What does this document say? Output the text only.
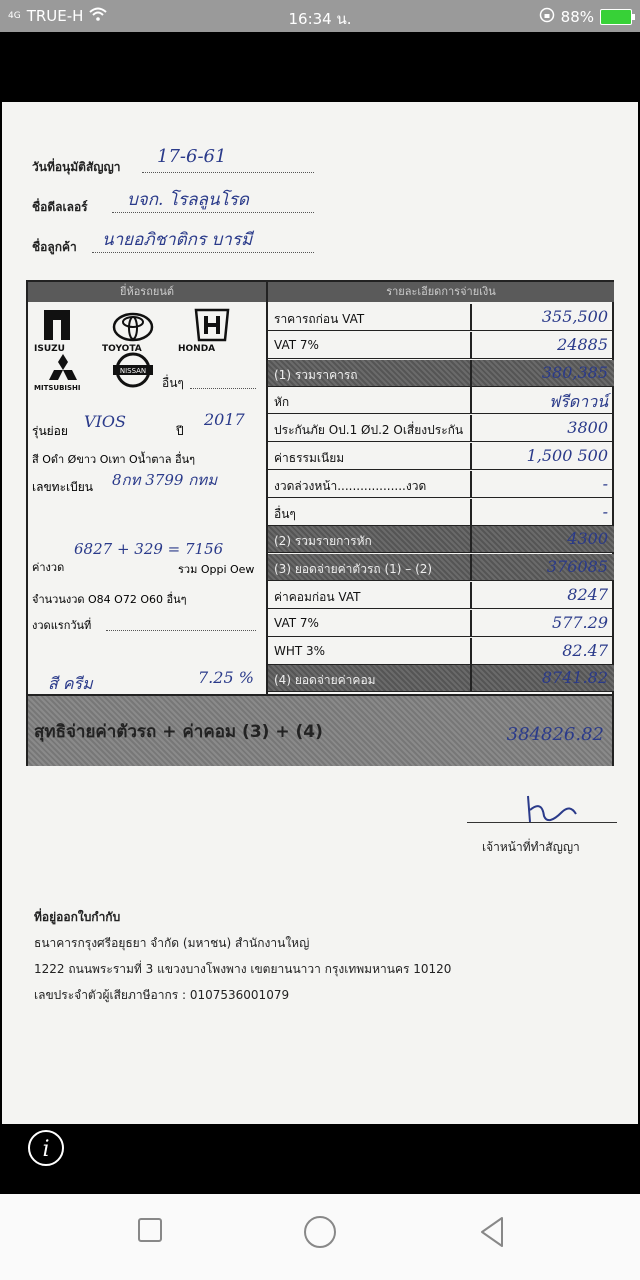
4G TRUE-H	16:34 น.	88%
วันที่อนุมัติสัญญา 17-6-61
ชื่อดีลเลอร์ บจก. โรลลูนโรด
ชื่อลูกค้า นายอภิชาติกร บารมี
ยี่ห้อรถยนต์	รายละเอียดการจ่ายเงิน
ISUZU	TOYOTA	HONDA
MITSUBISHI
NISSAN
อื่นๆ
รุ่นย่อย VIOS	ปี
2017
สี Oดำ Øขาว Oเทา Oน้ำตาล อื่นๆ
เลขทะเบียน 8กท 3799 กทม
ค่างวด
6827 + 329 = 7156
รวม Oppi Oew
จำนวนงวด O84 O72 O60 อื่นๆ
งวดแรกวันที่
สี ครีม	7.25 %
ราคารถก่อน VAT	355,500
VAT 7%	24885
(1) รวมราคารถ	380,385
หัก	ฟรีดาวน์
ประกันภัย Oป.1 Øป.2 Oเสี่ยงประกัน	3800
ค่าธรรมเนียม	1,500 500
งวดล่วงหน้า..................งวด	-
อื่นๆ	-
(2) รวมรายการหัก	4300
(3) ยอดจ่ายค่าตัวรถ (1) – (2)	376085
ค่าคอมก่อน VAT	8247
VAT 7%	577.29
WHT 3%	82.47
(4) ยอดจ่ายค่าคอม	8741.82
สุทธิจ่ายค่าตัวรถ + ค่าคอม (3) + (4)	384826.82
เจ้าหน้าที่ทำสัญญา
ที่อยู่ออกใบกำกับ
ธนาคารกรุงศรีอยุธยา จำกัด (มหาชน) สำนักงานใหญ่
1222 ถนนพระรามที่ 3 แขวงบางโพงพาง เขตยานนาวา กรุงเทพมหานคร 10120
เลขประจำตัวผู้เสียภาษีอากร : 0107536001079
i
